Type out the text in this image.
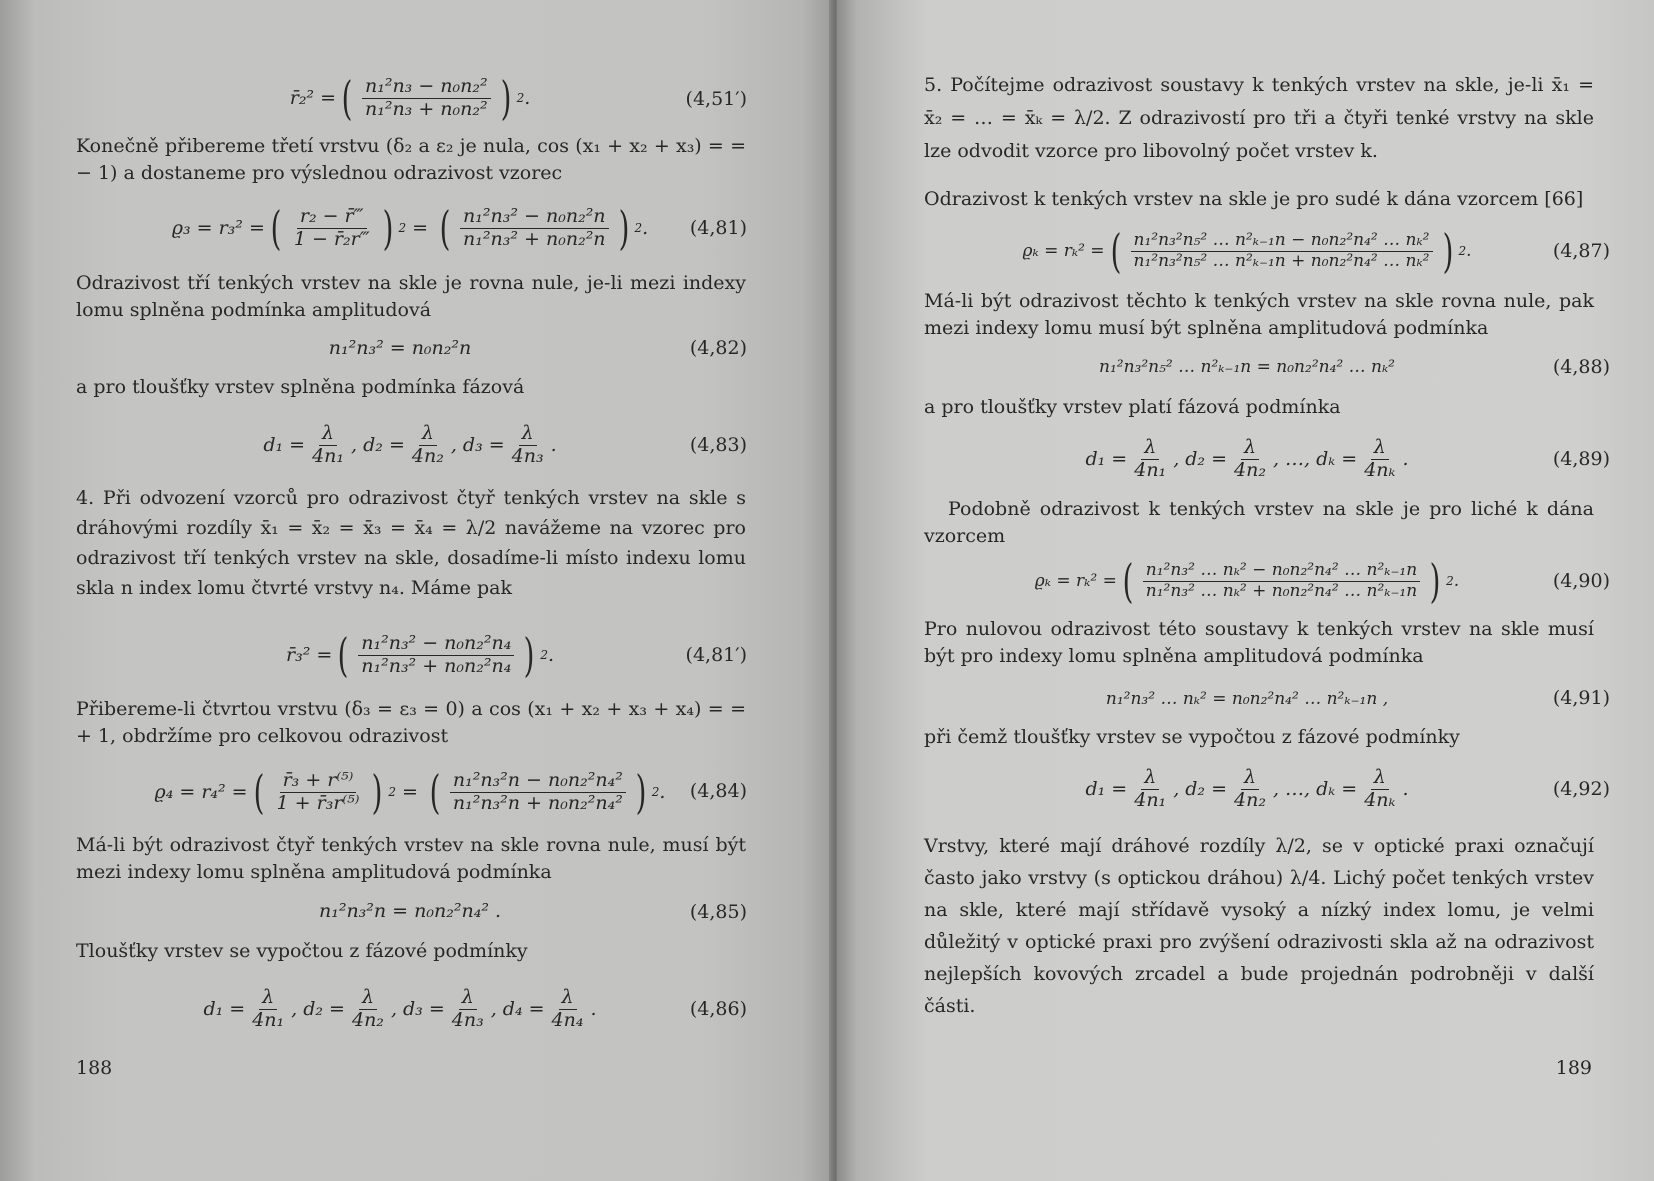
r̄₂² = ( $\frac{\text{n₁²n₃ − n₀n₂²}}{\text{n₁²n₃ + n₀n₂²}}$ ) 2 .	(4,51′)

Konečně přibereme třetí vrstvu (δ₂ a ε₂ je nula, cos (x₁ + x₂ + x₃) = = − 1) a dostaneme pro výslednou odrazivost vzorec

ϱ₃ = r₃² = ( $\frac{\text{r₂ − r̄‴}}{\text{1 − r̄₂r‴}}$ ) 2 = ( $\frac{\text{n₁²n₃² − n₀n₂²n}}{\text{n₁²n₃² + n₀n₂²n}}$ ) 2 . (4,81)

Odrazivost tří tenkých vrstev na skle je rovna nule, je-li mezi indexy lomu splněna podmínka amplitudová

n₁²n₃² = n₀n₂²n	(4,82)

a pro tloušťky vrstev splněna podmínka fázová

$d_1 = \frac{\lambda}{\text{4n₁}}$ , $d_2 = \frac{\lambda}{\text{4n₂}}$ , $d_3 = \frac{\lambda}{\text{4n₃}}$ .	(4,83)

4. Při odvození vzorců pro odrazivost čtyř tenkých vrstev na skle s dráhovými rozdíly x̄₁ = x̄₂ = x̄₃ = x̄₄ = λ/2 navážeme na vzorec pro odrazivost tří tenkých vrstev na skle, dosadíme-li místo indexu lomu skla n index lomu čtvrté vrstvy n₄. Máme pak

r̄₃² = ( $\frac{\text{n₁²n₃² − n₀n₂²n₄}}{\text{n₁²n₃² + n₀n₂²n₄}}$ ) 2 .	(4,81′)

Přibereme-li čtvrtou vrstvu (δ₃ = ε₃ = 0) a cos (x₁ + x₂ + x₃ + x₄) = = + 1, obdržíme pro celkovou odrazivost

ϱ₄ = r₄² = ( $\frac{\text{r̄₃ + r⁽⁵⁾}}{\text{1 + r̄₃r⁽⁵⁾}}$ ) 2 = ( $\frac{\text{n₁²n₃²n − n₀n₂²n₄²}}{\text{n₁²n₃²n + n₀n₂²n₄²}}$ ) 2 . (4,84)

Má-li být odrazivost čtyř tenkých vrstev na skle rovna nule, musí být mezi indexy lomu splněna amplitudová podmínka

n₁²n₃²n = n₀n₂²n₄² .	(4,85)

Tloušťky vrstev se vypočtou z fázové podmínky

$d_1 = \frac{\lambda}{\text{4n₁}}$ , $d_2 = \frac{\lambda}{\text{4n₂}}$ , $d_3 = \frac{\lambda}{\text{4n₃}}$ , $d_4 = \frac{\lambda}{\text{4n₄}}$ .	(4,86)
188

5. Počítejme odrazivost soustavy k tenkých vrstev na skle, je-li x̄₁ = x̄₂ = … = x̄ₖ = λ/2. Z odrazivostí pro tři a čtyři tenké vrstvy na skle lze odvodit vzorce pro libovolný počet vrstev k.

Odrazivost k tenkých vrstev na skle je pro sudé k dána vzorcem [66]

ϱₖ = rₖ² = ( $\frac{\text{n₁²n₃²n₅² … n²ₖ₋₁n − n₀n₂²n₄² … nₖ²}}{\text{n₁²n₃²n₅² … n²ₖ₋₁n + n₀n₂²n₄² … nₖ²}}$ ) 2 .	(4,87)

Má-li být odrazivost těchto k tenkých vrstev na skle rovna nule, pak mezi indexy lomu musí být splněna amplitudová podmínka

n₁²n₃²n₅² … n²ₖ₋₁n = n₀n₂²n₄² … nₖ²	(4,88)

a pro tloušťky vrstev platí fázová podmínka

$d_1 = \frac{\lambda}{\text{4n₁}}$ , $d_2 = \frac{\lambda}{\text{4n₂}}$ , …, $d_k = \frac{\lambda}{\text{4nₖ}}$ .	(4,89)

Podobně odrazivost k tenkých vrstev na skle je pro liché k dána vzorcem

ϱₖ = rₖ² = ( $\frac{\text{n₁²n₃² … nₖ² − n₀n₂²n₄² … n²ₖ₋₁n}}{\text{n₁²n₃² … nₖ² + n₀n₂²n₄² … n²ₖ₋₁n}}$ ) 2 .	(4,90)

Pro nulovou odrazivost této soustavy k tenkých vrstev na skle musí být pro indexy lomu splněna amplitudová podmínka

n₁²n₃² … nₖ² = n₀n₂²n₄² … n²ₖ₋₁n ,	(4,91)

při čemž tloušťky vrstev se vypočtou z fázové podmínky

$d_1 = \frac{\lambda}{\text{4n₁}}$ , $d_2 = \frac{\lambda}{\text{4n₂}}$ , …, $d_k = \frac{\lambda}{\text{4nₖ}}$ .	(4,92)

Vrstvy, které mají dráhové rozdíly λ/2, se v optické praxi označují často jako vrstvy (s optickou dráhou) λ/4. Lichý počet tenkých vrstev na skle, které mají střídavě vysoký a nízký index lomu, je velmi důležitý v optické praxi pro zvýšení odrazivosti skla až na odrazivost nejlepších kovových zrcadel a bude projednán podrobněji v další části.

189
